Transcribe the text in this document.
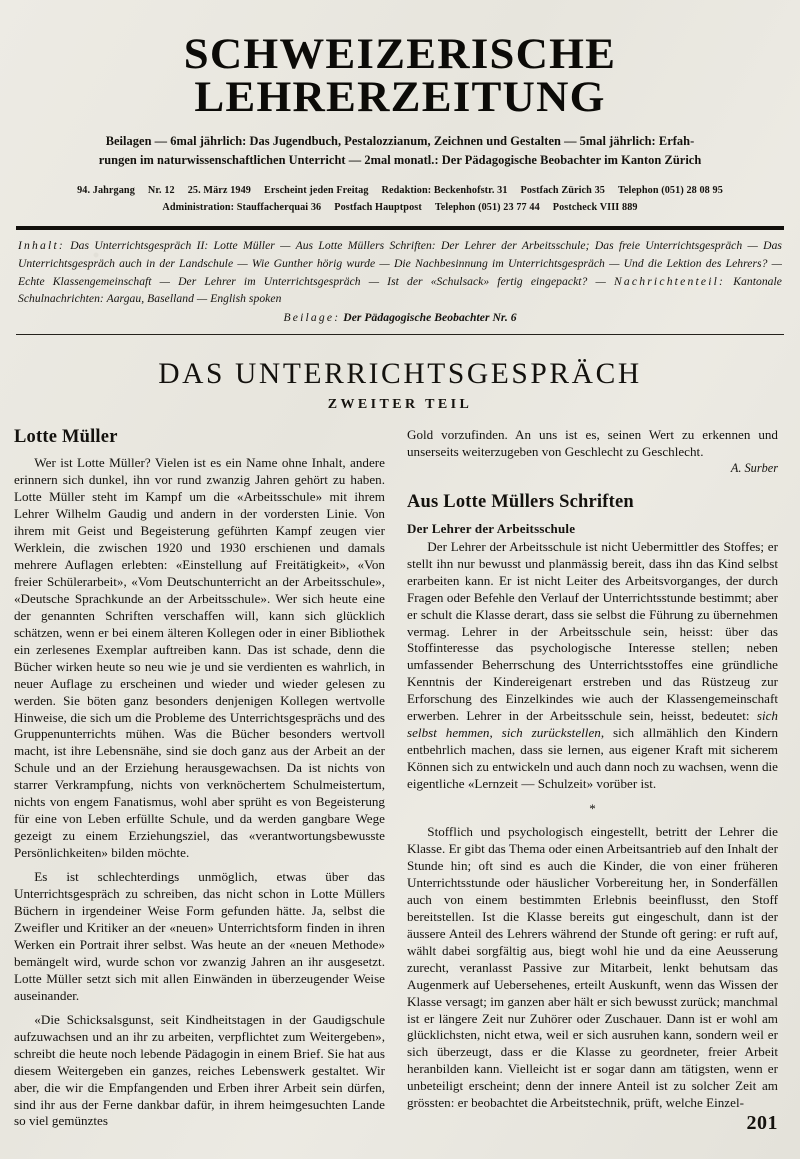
SCHWEIZERISCHE LEHRERZEITUNG
Beilagen — 6mal jährlich: Das Jugendbuch, Pestalozzianum, Zeichnen und Gestalten — 5mal jährlich: Erfah-
rungen im naturwissenschaftlichen Unterricht — 2mal monatl.: Der Pädagogische Beobachter im Kanton Zürich
94. Jahrgang Nr. 12 25. März 1949 Erscheint jeden Freitag Redaktion: Beckenhofstr. 31 Postfach Zürich 35 Telephon (051) 28 08 95
Administration: Stauffacherquai 36 Postfach Hauptpost Telephon (051) 23 77 44 Postcheck VIII 889
Inhalt: Das Unterrichtsgespräch II: Lotte Müller — Aus Lotte Müllers Schriften: Der Lehrer der Arbeitsschule; Das freie Unterrichtsgespräch — Das Unterrichtsgespräch auch in der Landschule — Wie Gunther hörig wurde — Die Nachbesinnung im Unterrichtsgespräch — Und die Lektion des Lehrers? — Echte Klassengemeinschaft — Der Lehrer im Unterrichtsgespräch — Ist der «Schulsack» fertig eingepackt? — Nachrichtenteil: Kantonale Schulnachrichten: Aargau, Baselland — English spoken
Beilage: Der Pädagogische Beobachter Nr. 6
DAS UNTERRICHTSGESPRÄCH
ZWEITER TEIL
Lotte Müller

Wer ist Lotte Müller? Vielen ist es ein Name ohne Inhalt, andere erinnern sich dunkel, ihn vor rund zwanzig Jahren gehört zu haben. Lotte Müller steht im Kampf um die «Arbeitsschule» mit ihrem Lehrer Wilhelm Gaudig und andern in der vordersten Linie. Von ihrem mit Geist und Begeisterung geführten Kampf zeugen vier Werklein, die zwischen 1920 und 1930 erschienen und damals mehrere Auflagen erlebten: «Einstellung auf Freitätigkeit», «Von freier Schülerarbeit», «Vom Deutschunterricht an der Arbeitsschule», «Deutsche Sprachkunde an der Arbeitsschule». Wer sich heute eine der genannten Schriften verschaffen will, kann sich glücklich schätzen, wenn er bei einem älteren Kollegen oder in einer Bibliothek ein zerlesenes Exemplar auftreiben kann. Das ist schade, denn die Bücher wirken heute so neu wie je und sie verdienten es wahrlich, in neuer Auflage zu erscheinen und wieder und wieder gelesen zu werden. Sie böten ganz besonders denjenigen Kollegen wertvolle Hinweise, die sich um die Probleme des Unterrichtsgesprächs und des Gruppenunterrichts mühen. Was die Bücher besonders wertvoll macht, ist ihre Lebensnähe, sind sie doch ganz aus der Arbeit an der Schule und an der Erziehung herausgewachsen. Da ist nichts von starrer Verkrampfung, nichts von verknöchertem Schulmeistertum, nichts von engem Fanatismus, wohl aber sprüht es von Begeisterung für eine von Leben erfüllte Schule, und da werden gangbare Wege gezeigt zu einem Erziehungsziel, das «verantwortungsbewusste Persönlichkeiten» bilden möchte.

Es ist schlechterdings unmöglich, etwas über das Unterrichtsgespräch zu schreiben, das nicht schon in Lotte Müllers Büchern in irgendeiner Weise Form gefunden hätte. Ja, selbst die Zweifler und Kritiker an der «neuen» Unterrichtsform finden in ihren Werken ein Portrait ihrer selbst. Was heute an der «neuen Methode» bemängelt wird, wurde schon vor zwanzig Jahren an ihr ausgesetzt. Lotte Müller setzt sich mit allen Einwänden in überzeugender Weise auseinander.

«Die Schicksalsgunst, seit Kindheitstagen in der Gaudigschule aufzuwachsen und an ihr zu arbeiten, verpflichtet zum Weitergeben», schreibt die heute noch lebende Pädagogin in einem Brief. Sie hat aus diesem Weitergeben ein ganzes, reiches Lebenswerk gestaltet. Wir aber, die wir die Empfangenden und Erben ihrer Arbeit sein dürfen, sind ihr aus der Ferne dankbar dafür, in ihrem heimgesuchten Lande so viel gemünztes

Gold vorzufinden. An uns ist es, seinen Wert zu erkennen und unserseits weiterzugeben von Geschlecht zu Geschlecht.

A. Surber

Aus Lotte Müllers Schriften
Der Lehrer der Arbeitsschule

Der Lehrer der Arbeitsschule ist nicht Uebermittler des Stoffes; er stellt ihn nur bewusst und planmässig bereit, dass ihn das Kind selbst erarbeiten kann. Er ist nicht Leiter des Arbeitsvorganges, der durch Fragen oder Befehle den Verlauf der Unterrichtsstunde bestimmt; aber er schult die Klasse derart, dass sie selbst die Führung zu übernehmen vermag. Lehrer in der Arbeitsschule sein, heisst: über das Stoffinteresse das psychologische Interesse stellen; neben umfassender Beherrschung des Unterrichtsstoffes eine gründliche Kenntnis der Kindereigenart erstreben und das Rüstzeug zur Erforschung des Einzelkindes wie auch der Klassengemeinschaft erwerben. Lehrer in der Arbeitsschule sein, heisst, bedeutet: sich selbst hemmen, sich zurückstellen, sich allmählich den Kindern entbehrlich machen, dass sie lernen, aus eigener Kraft mit sicherem Können sich zu entwickeln und auch dann noch zu wachsen, wenn die eigentliche «Lernzeit — Schulzeit» vorüber ist.

*

Stofflich und psychologisch eingestellt, betritt der Lehrer die Klasse. Er gibt das Thema oder einen Arbeitsantrieb auf den Inhalt der Stunde hin; oft sind es auch die Kinder, die von einer früheren Unterrichtsstunde oder häuslicher Vorbereitung her, in Sonderfällen auch von einem bestimmten Erlebnis beeinflusst, den Stoff bereitstellen. Ist die Klasse bereits gut eingeschult, dann ist der äussere Anteil des Lehrers während der Stunde oft gering: er ruft auf, wählt dabei sorgfältig aus, biegt wohl hie und da eine Aeusserung zurecht, veranlasst Passive zur Mitarbeit, lenkt behutsam das Augenmerk auf Uebersehenes, erteilt Auskunft, wenn das Wissen der Klasse versagt; im ganzen aber hält er sich bewusst zurück; manchmal ist er längere Zeit nur Zuhörer oder Zuschauer. Dann ist er wohl am glücklichsten, nicht etwa, weil er sich ausruhen kann, sondern weil er sich überzeugt, dass er die Klasse zu geordneter, freier Arbeit heranbilden kann. Vielleicht ist er sogar dann am tätigsten, wenn er unbeteiligt erscheint; denn der innere Anteil ist zu solcher Zeit am grössten: er beobachtet die Arbeitstechnik, prüft, welche Einzel-

201
